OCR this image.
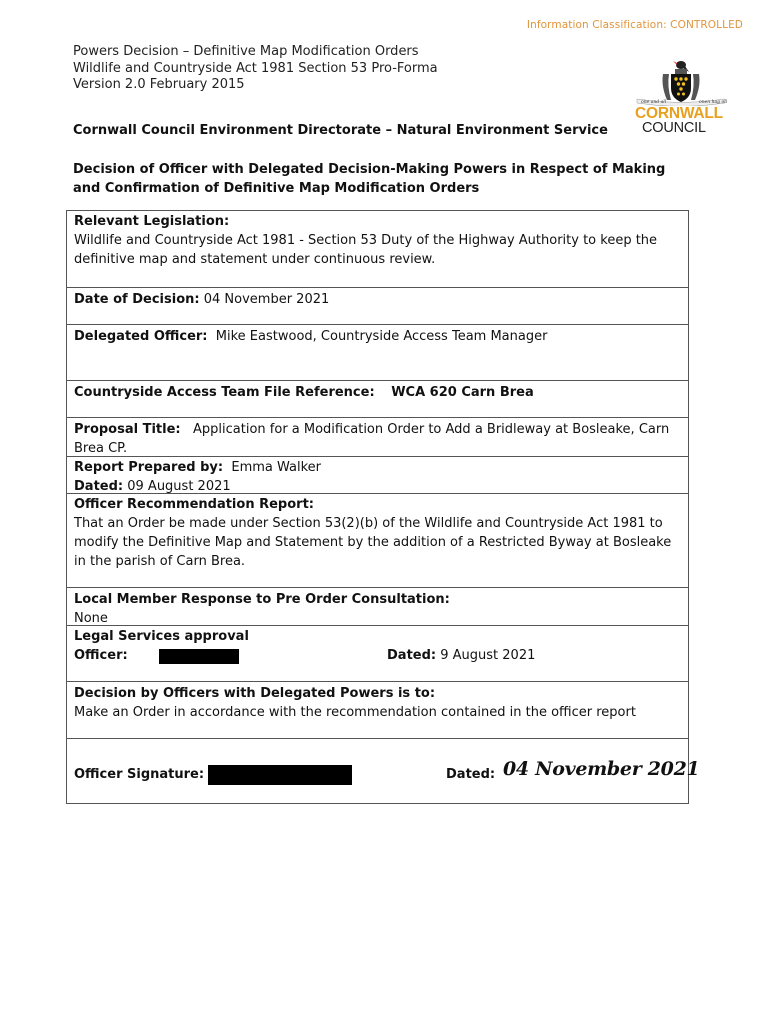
Information Classification: CONTROLLED
Powers Decision – Definitive Map Modification Orders
Wildlife and Countryside Act 1981 Section 53 Pro-Forma
Version 2.0 February 2015
one and all	onen hag oll
CORNWALL
COUNCIL
Cornwall Council Environment Directorate – Natural Environment Service
Decision of Officer with Delegated Decision-Making Powers in Respect of Making and Confirmation of Definitive Map Modification Orders
Relevant Legislation:
Wildlife and Countryside Act 1981 - Section 53 Duty of the Highway Authority to keep the definitive map and statement under continuous review.
Date of Decision: 04 November 2021
Delegated Officer: Mike Eastwood, Countryside Access Team Manager
Countryside Access Team File Reference: WCA 620 Carn Brea
Proposal Title: Application for a Modification Order to Add a Bridleway at Bosleake, Carn Brea CP.
Report Prepared by: Emma Walker
Dated: 09 August 2021
Officer Recommendation Report:
That an Order be made under Section 53(2)(b) of the Wildlife and Countryside Act 1981 to modify the Definitive Map and Statement by the addition of a Restricted Byway at Bosleake in the parish of Carn Brea.
Local Member Response to Pre Order Consultation:
None
Legal Services approval
Officer:	Dated: 9 August 2021
Decision by Officers with Delegated Powers is to:
Make an Order in accordance with the recommendation contained in the officer report
Officer Signature:	Dated: 04 November 2021
